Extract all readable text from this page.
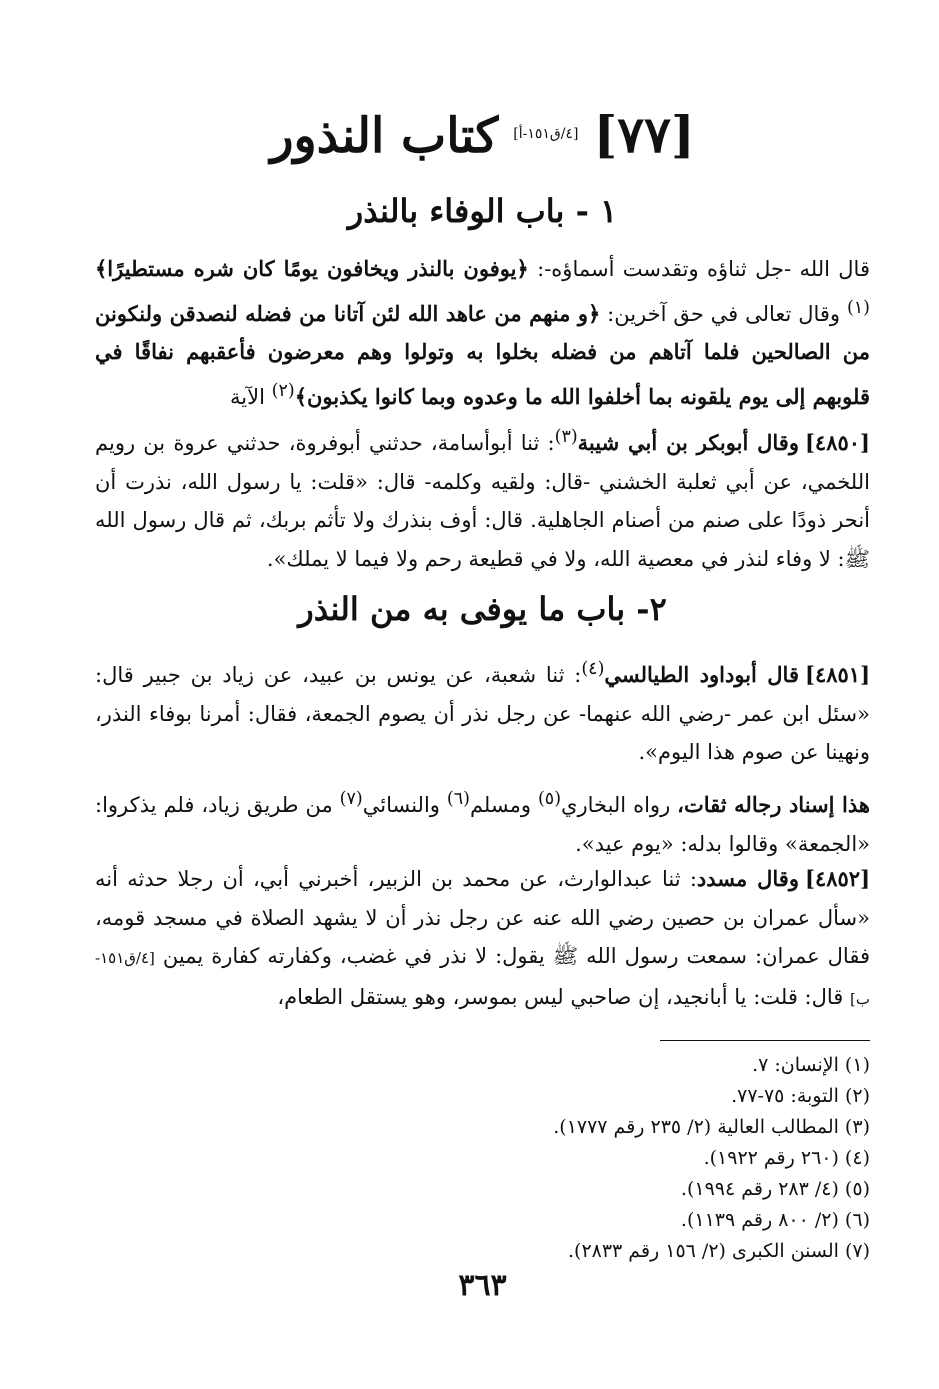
[٧٧] [٤/ق١٥١-أ] كتاب النذور
١ - باب الوفاء بالنذر
قال الله -جل ثناؤه وتقدست أسماؤه-: ﴿يوفون بالنذر ويخافون يومًا كان شره مستطيرًا﴾$^{(١)}$ وقال تعالى في حق آخرين: ﴿و منهم من عاهد الله لئن آتانا من فضله لنصدقن ولنكونن من الصالحين فلما آتاهم من فضله بخلوا به وتولوا وهم معرضون فأعقبهم نفاقًا في قلوبهم إلى يوم يلقونه بما أخلفوا الله ما وعدوه وبما كانوا يكذبون﴾$^{(٢)}$ الآية
[٤٨٥٠]وقال أبوبكر بن أبي شيبة$^{(٣)}$: ثنا أبوأسامة، حدثني أبوفروة، حدثني عروة بن رويم اللخمي، عن أبي ثعلبة الخشني -قال: ولقيه وكلمه- قال: «قلت: يا رسول الله، نذرت أن أنحر ذودًا على صنم من أصنام الجاهلية. قال: أوف بنذرك ولا تأثم بربك، ثم قال رسول الله ﷺ: لا وفاء لنذر في معصية الله، ولا في قطيعة رحم ولا فيما لا يملك».
٢- باب ما يوفى به من النذر
[٤٨٥١]قال أبوداود الطيالسي$^{(٤)}$: ثنا شعبة، عن يونس بن عبيد، عن زياد بن جبير قال: «سئل ابن عمر -رضي الله عنهما- عن رجل نذر أن يصوم الجمعة، فقال: أمرنا بوفاء النذر، ونهينا عن صوم هذا اليوم».
هذا إسناد رجاله ثقات، رواه البخاري$^{(٥)}$ ومسلم$^{(٦)}$ والنسائي$^{(٧)}$ من طريق زياد، فلم يذكروا: «الجمعة» وقالوا بدله: «يوم عيد».
[٤٨٥٢]وقال مسدد: ثنا عبدالوارث، عن محمد بن الزبير، أخبرني أبي، أن رجلا حدثه أنه «سأل عمران بن حصين رضي الله عنه عن رجل نذر أن لا يشهد الصلاة في مسجد قومه، فقال عمران: سمعت رسول الله ﷺ يقول: لا نذر في غضب، وكفارته كفارة يمين [٤/ق١٥١-ب] قال: قلت: يا أبانجيد، إن صاحبي ليس بموسر، وهو يستقل الطعام،
(١) الإنسان: ٧.
(٢) التوبة: ٧٥-٧٧.
(٣) المطالب العالية (٢/ ٢٣٥ رقم ١٧٧٧).
(٤) (٢٦٠ رقم ١٩٢٢).
(٥) (٤/ ٢٨٣ رقم ١٩٩٤).
(٦) (٢/ ٨٠٠ رقم ١١٣٩).
(٧) السنن الكبرى (٢/ ١٥٦ رقم ٢٨٣٣).
٣٦٣
